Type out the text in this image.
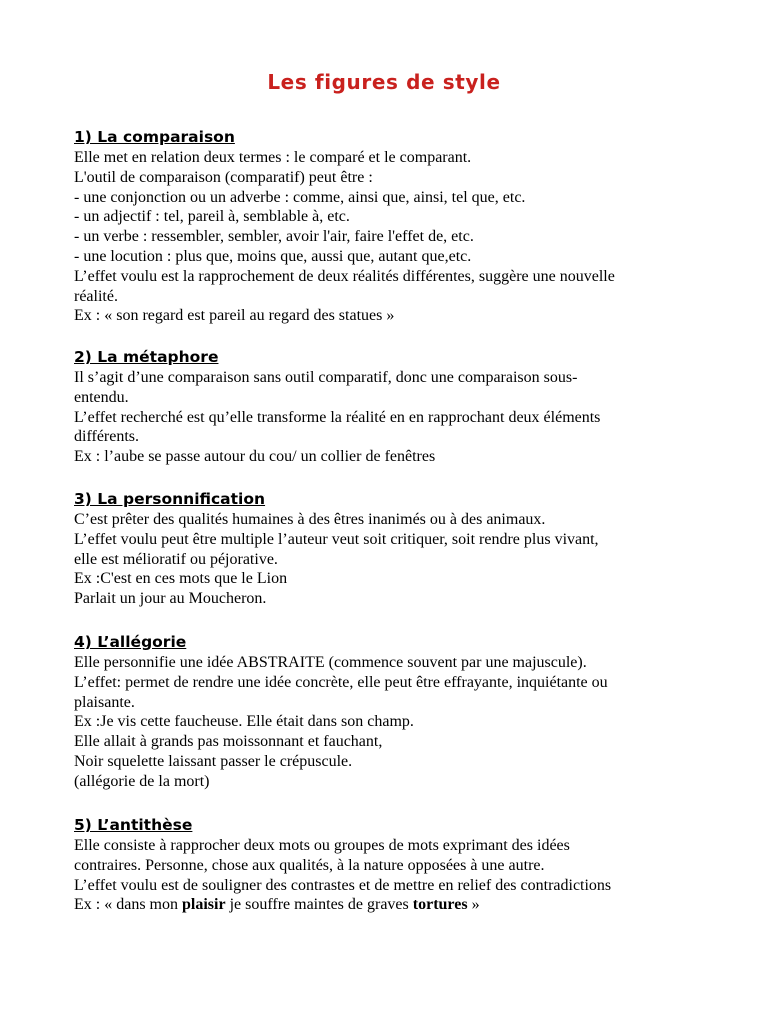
Les figures de style
1) La comparaison
Elle met en relation deux termes : le comparé et le comparant.
L'outil de comparaison (comparatif) peut être :
- une conjonction ou un adverbe : comme, ainsi que, ainsi, tel que, etc.
- un adjectif : tel, pareil à, semblable à, etc.
- un verbe : ressembler, sembler, avoir l'air, faire l'effet de, etc.
- une locution : plus que, moins que, aussi que, autant que,etc.
L’effet voulu est la rapprochement de deux réalités différentes, suggère une nouvelle
réalité.
Ex : « son regard est pareil au regard des statues »
2) La métaphore
Il s’agit d’une comparaison sans outil comparatif, donc une comparaison sous-
entendu.
L’effet recherché est qu’elle transforme la réalité en en rapprochant deux éléments
différents.
Ex : l’aube se passe autour du cou/ un collier de fenêtres
3) La personnification
C’est prêter des qualités humaines à des êtres inanimés ou à des animaux.
L’effet voulu peut être multiple l’auteur veut soit critiquer, soit rendre plus vivant,
elle est mélioratif ou péjorative.
Ex :C'est en ces mots que le Lion
Parlait un jour au Moucheron.
4) L’allégorie
Elle personnifie une idée ABSTRAITE (commence souvent par une majuscule).
L’effet: permet de rendre une idée concrète, elle peut être effrayante, inquiétante ou
plaisante.
Ex :Je vis cette faucheuse. Elle était dans son champ.
Elle allait à grands pas moissonnant et fauchant,
Noir squelette laissant passer le crépuscule.
(allégorie de la mort)
5) L’antithèse
Elle consiste à rapprocher deux mots ou groupes de mots exprimant des idées
contraires. Personne, chose aux qualités, à la nature opposées à une autre.
L’effet voulu est de souligner des contrastes et de mettre en relief des contradictions
Ex : « dans mon plaisir je souffre maintes de graves tortures »
